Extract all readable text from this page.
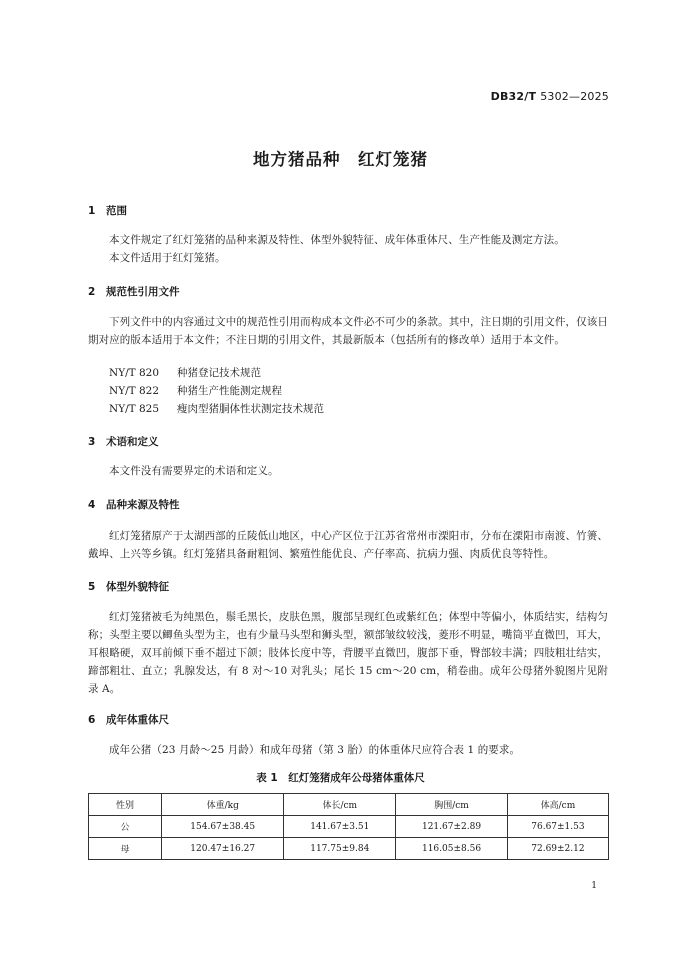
DB32/T 5302—2025
地方猪品种　红灯笼猪
1 范围
本文件规定了红灯笼猪的品种来源及特性、体型外貌特征、成年体重体尺、生产性能及测定方法。
本文件适用于红灯笼猪。
2 规范性引用文件
下列文件中的内容通过文中的规范性引用而构成本文件必不可少的条款。其中，注日期的引用文件，仅该日期对应的版本适用于本文件；不注日期的引用文件，其最新版本（包括所有的修改单）适用于本文件。
NY/T 820 种猪登记技术规范
NY/T 822 种猪生产性能测定规程
NY/T 825 瘦肉型猪胴体性状测定技术规范
3 术语和定义
本文件没有需要界定的术语和定义。
4 品种来源及特性
红灯笼猪原产于太湖西部的丘陵低山地区，中心产区位于江苏省常州市溧阳市，分布在溧阳市南渡、竹箦、戴埠、上兴等乡镇。红灯笼猪具备耐粗饲、繁殖性能优良、产仔率高、抗病力强、肉质优良等特性。
5 体型外貌特征
红灯笼猪被毛为纯黑色，鬃毛黑长，皮肤色黑，腹部呈现红色或紫红色；体型中等偏小，体质结实，结构匀称；头型主要以鲫鱼头型为主，也有少量马头型和狮头型，额部皱纹较浅，菱形不明显，嘴筒平直微凹，耳大，耳根略硬，双耳前倾下垂不超过下颌；肢体长度中等，背腰平直微凹，腹部下垂，臀部较丰满；四肢粗壮结实，蹄部粗壮、直立；乳腺发达，有 8 对～10 对乳头；尾长 15 cm～20 cm，稍卷曲。成年公母猪外貌图片见附录 A。
6 成年体重体尺
成年公猪（23 月龄～25 月龄）和成年母猪（第 3 胎）的体重体尺应符合表 1 的要求。
表 1　红灯笼猪成年公母猪体重体尺
性别	体重/kg	体长/cm	胸围/cm	体高/cm
公	154.67±38.45	141.67±3.51	121.67±2.89	76.67±1.53
母	120.47±16.27	117.75±9.84	116.05±8.56	72.69±2.12
1
